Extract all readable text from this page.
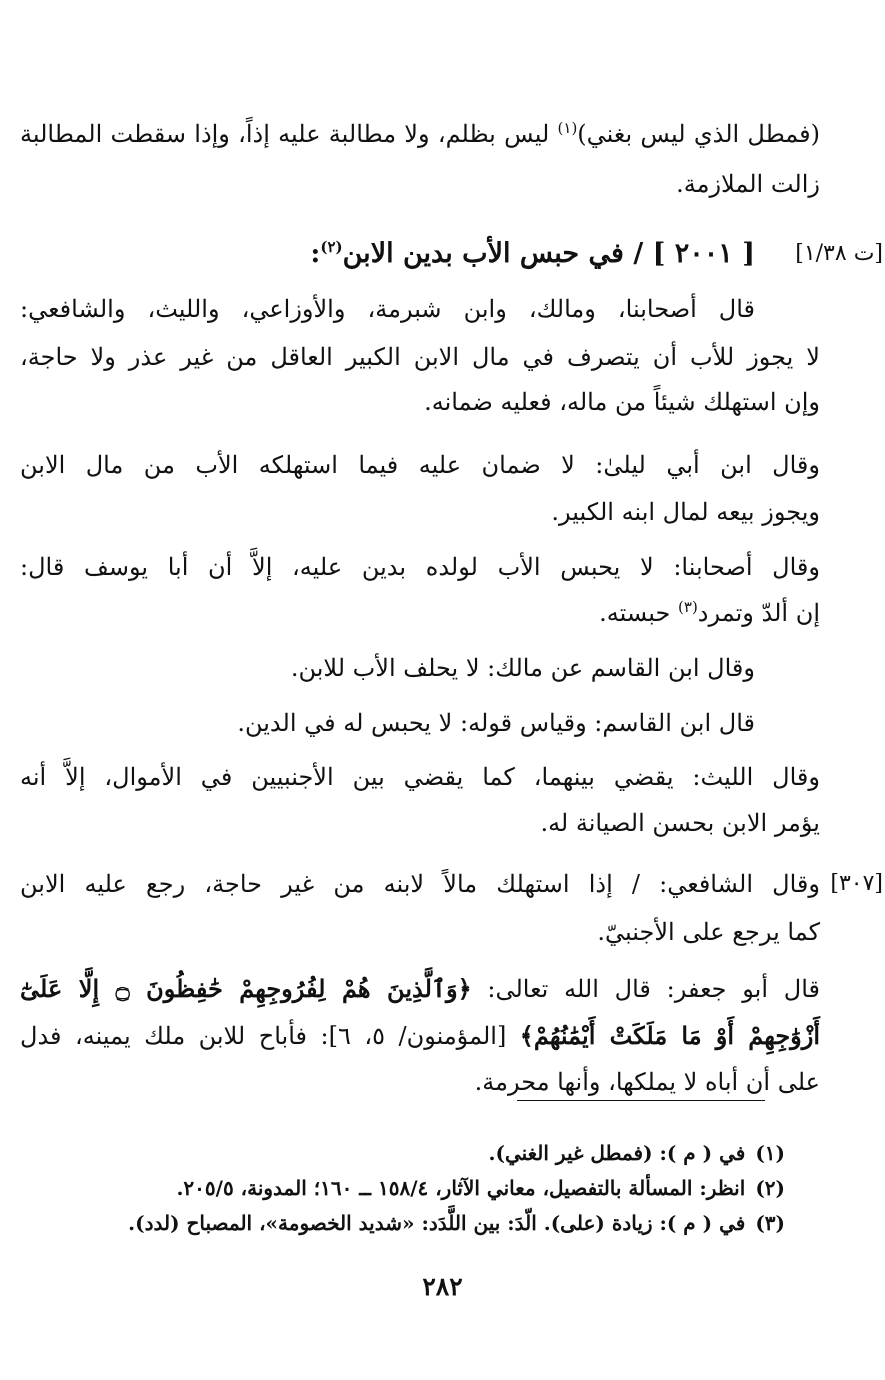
(فمطل الذي ليس بغني)$^{(١)}$ ليس بظلم، ولا مطالبة عليه إذاً، وإذا سقطت المطالبة
زالت الملازمة.
[ت ١/٣٨]
[ ٢٠٠١ ] / في حبس الأب بدين الابن$^{(٢)}$:
قال أصحابنا، ومالك، وابن شبرمة، والأوزاعي، والليث، والشافعي:
لا يجوز للأب أن يتصرف في مال الابن الكبير العاقل من غير عذر ولا حاجة،
وإن استهلك شيئاً من ماله، فعليه ضمانه.
وقال ابن أبي ليلىٰ: لا ضمان عليه فيما استهلكه الأب من مال الابن
ويجوز بيعه لمال ابنه الكبير.
وقال أصحابنا: لا يحبس الأب لولده بدين عليه، إلاَّ أن أبا يوسف قال:
إن ألدّ وتمرد$^{(٣)}$ حبسته.
وقال ابن القاسم عن مالك: لا يحلف الأب للابن.
قال ابن القاسم: وقياس قوله: لا يحبس له في الدين.
وقال الليث: يقضي بينهما، كما يقضي بين الأجنبيين في الأموال، إلاَّ أنه
يؤمر الابن بحسن الصيانة له.
[٣٠٧]
وقال الشافعي: / إذا استهلك مالاً لابنه من غير حاجة، رجع عليه الابن
كما يرجع على الأجنبيّ.
قال أبو جعفر: قال الله تعالى: ﴿وَٱلَّذِينَ هُمْ لِفُرُوجِهِمْ حَٰفِظُونَ ۝ إِلَّا عَلَىٰٓ
أَزْوَٰجِهِمْ أَوْ مَا مَلَكَتْ أَيْمَٰنُهُمْ﴾ [المؤمنون/ ٥، ٦]: فأباح للابن ملك يمينه، فدل
على أن أباه لا يملكها، وأنها محرمة.
(١)في ( م ): (فمطل غير الغني).
(٢)انظر: المسألة بالتفصيل، معاني الآثار، ١٥٨/٤ ــ ١٦٠؛ المدونة، ٢٠٥/٥.
(٣)في ( م ): زيادة (على). الّدَ: بين اللَّدَد: «شديد الخصومة»، المصباح (لدد).
٢٨٢
